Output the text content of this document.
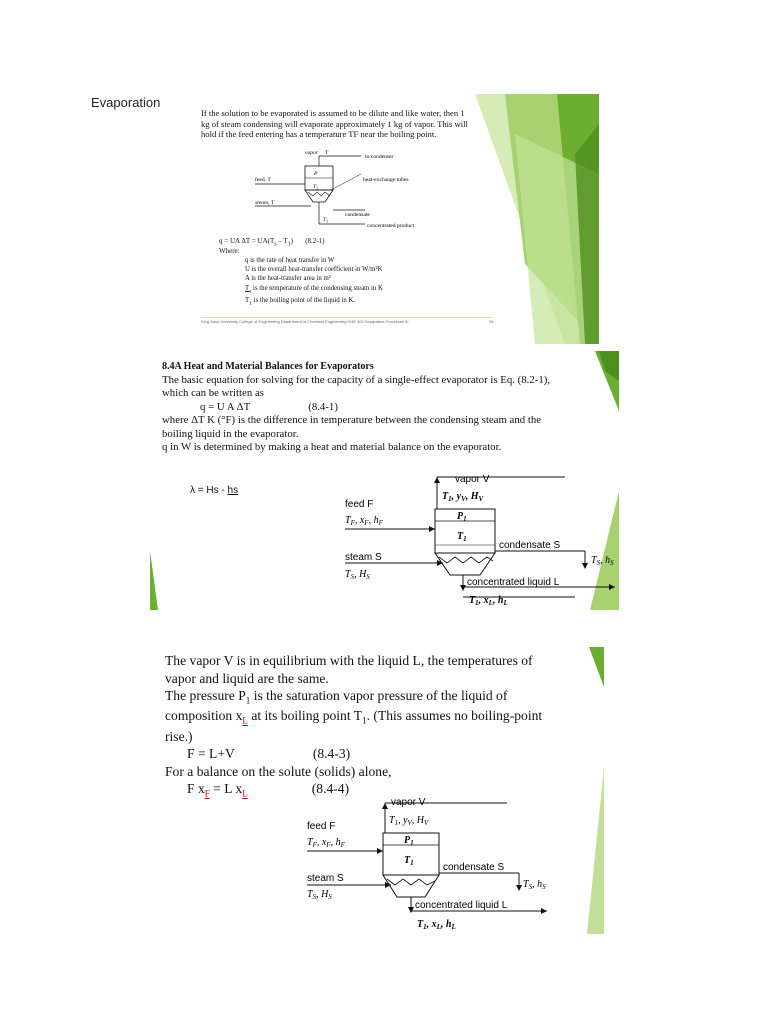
Evaporation
If the solution to be evaporated is assumed to be dilute and like water, then 1
kg of steam condensing will evaporate approximately 1 kg of vapor. This will
hold if the feed entering has a temperature TF near the boiling point.
vapor T
to condenser
P
$T_1$
feed, T	heat-exchange tubes
steam, T
condensate
$T_1$
concentrated product
q = UA $\Delta T = UA(T_s - T_1)$       (8.2-1)
Where:
q is the rate of heat transfer in W
U is the overall heat-transfer coefficient in W/m²K
A is the heat-transfer area in m²
$T_s$ is the temperature of the condensing steam in K
$T_1$ is the boiling point of the liquid in K.
King Saud University College of Engineering Department of Chemical Engineering CHE 402 Separation Processes III	26
8.4A Heat and Material Balances for Evaporators
The basic equation for solving for the capacity of a single-effect evaporator is Eq. (8.2-1),
which can be written as
q = U A ΔT	(8.4-1)
where ΔT K (°F) is the difference in temperature between the condensing steam and the
boiling liquid in the evaporator.
q in W is determined by making a heat and material balance on the evaporator.
λ = Hs - hs
vapor V
$T_1$, $y_V$, $H_V$
feed F
$T_F$, $x_F$, $h_F$
$P_1$
$T_1$
condensate S
$T_S$, $h_S$
steam S
$T_S$, $H_S$	concentrated liquid L
$T_1$, $x_L$, $h_L$
The vapor V is in equilibrium with the liquid L, the temperatures of
vapor and liquid are the same.
The pressure $P_1$ is the saturation vapor pressure of the liquid of
composition $x_L$ at its boiling point $T_1$. (This assumes no boiling-point
rise.)
F = L+V	(8.4-3)
For a balance on the solute (solids) alone,
F $x_F = L$ $x_L$	(8.4-4)
vapor V
$T_1$, $y_V$, $H_V$
feed F
$T_F$, $x_F$, $h_F$	$P_1$
$T_1$	condensate S
$T_S$, $h_S$
steam S
$T_S$, $H_S$
concentrated liquid L
$T_1$, $x_L$, $h_L$
